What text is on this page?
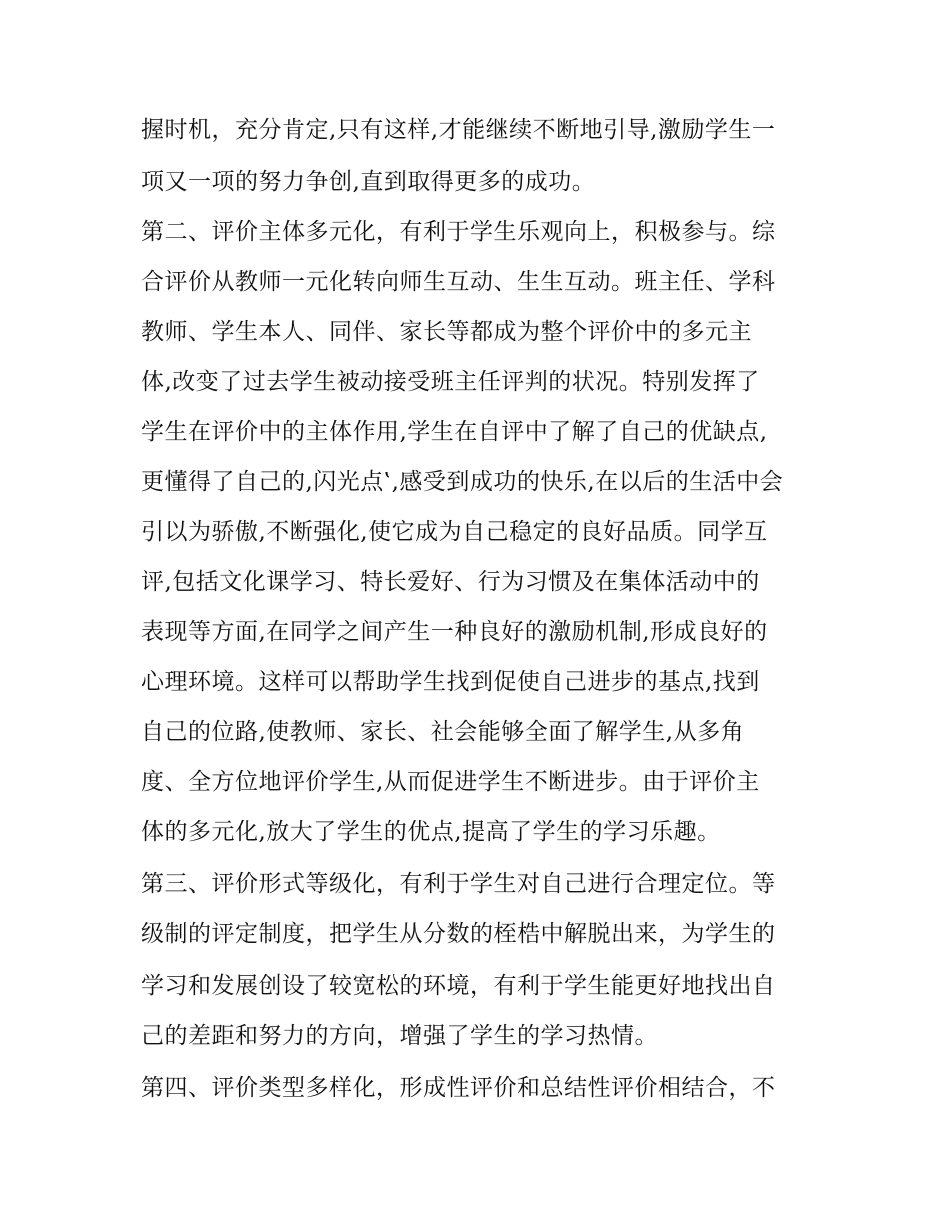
握时机，充分肯定,只有这样,才能继续不断地引导,激励学生一
项又一项的努力争创,直到取得更多的成功。
第二、评价主体多元化，有利于学生乐观向上，积极参与。综
合评价从教师一元化转向师生互动、生生互动。班主任、学科
教师、学生本人、同伴、家长等都成为整个评价中的多元主
体,改变了过去学生被动接受班主任评判的状况。特别发挥了
学生在评价中的主体作用,学生在自评中了解了自己的优缺点,
更懂得了自己的,闪光点‛,感受到成功的快乐,在以后的生活中会
引以为骄傲,不断强化,使它成为自己稳定的良好品质。同学互
评,包括文化课学习、特长爱好、行为习惯及在集体活动中的
表现等方面,在同学之间产生一种良好的激励机制,形成良好的
心理环境。这样可以帮助学生找到促使自己进步的基点,找到
自己的位路,使教师、家长、社会能够全面了解学生,从多角
度、全方位地评价学生,从而促进学生不断进步。由于评价主
体的多元化,放大了学生的优点,提高了学生的学习乐趣。
第三、评价形式等级化，有利于学生对自己进行合理定位。等
级制的评定制度，把学生从分数的桎梏中解脱出来，为学生的
学习和发展创设了较宽松的环境，有利于学生能更好地找出自
己的差距和努力的方向，增强了学生的学习热情。
第四、评价类型多样化，形成性评价和总结性评价相结合，不
